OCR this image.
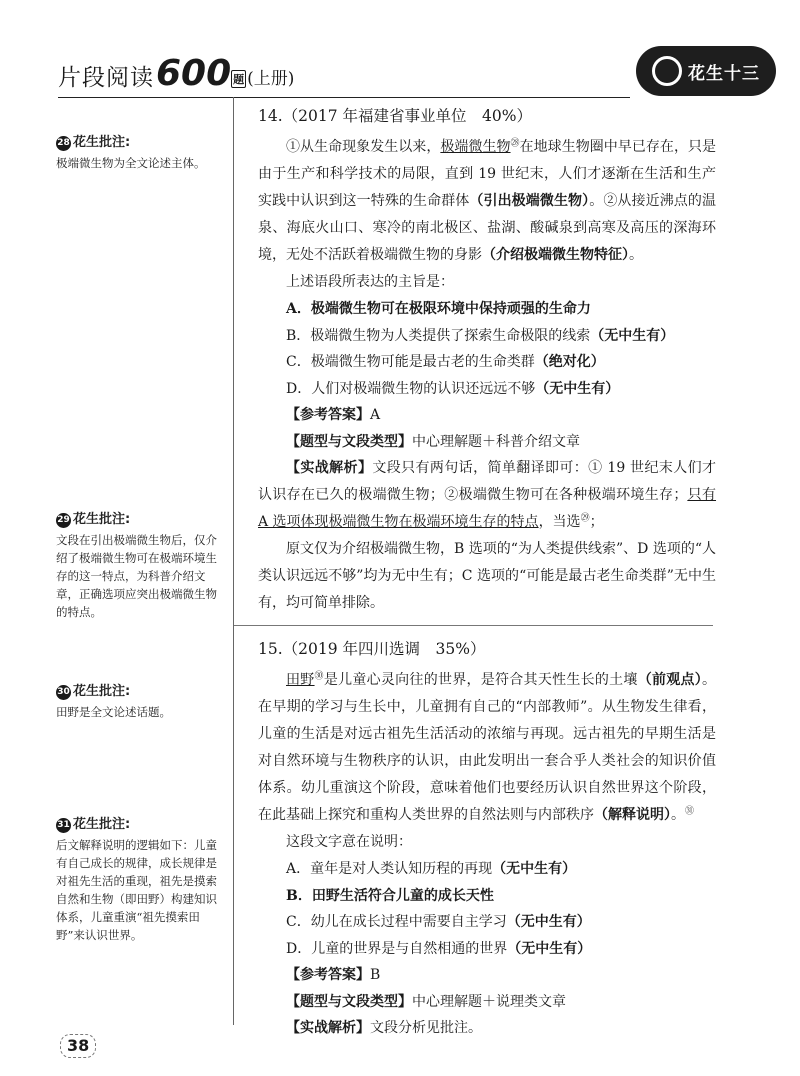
片段阅读 600 题 (上册)	花生十三
28 花生批注:

极端微生物为全文论述主体。

29 花生批注:

文段在引出极端微生物后，仅介绍了极端微生物可在极端环境生存的这一特点，为科普介绍文章，正确选项应突出极端微生物的特点。

30 花生批注:

田野是全文论述话题。

31 花生批注:

后文解释说明的逻辑如下：儿童有自己成长的规律，成长规律是对祖先生活的重现，祖先是摸索自然和生物（即田野）构建知识体系，儿童重演“祖先摸索田野”来认识世界。

14.（2017 年福建省事业单位　40%）

①从生命现象发生以来，极端微生物$^㉘$在地球生物圈中早已存在，只是由于生产和科学技术的局限，直到 19 世纪末，人们才逐渐在生活和生产实践中认识到这一特殊的生命群体（引出极端微生物）。②从接近沸点的温泉、海底火山口、寒冷的南北极区、盐湖、酸碱泉到高寒及高压的深海环境，无处不活跃着极端微生物的身影（介绍极端微生物特征）。

上述语段所表达的主旨是：

A．极端微生物可在极限环境中保持顽强的生命力

B．极端微生物为人类提供了探索生命极限的线索（无中生有）

C．极端微生物可能是最古老的生命类群（绝对化）

D．人们对极端微生物的认识还远远不够（无中生有）

【参考答案】A

【题型与文段类型】中心理解题＋科普介绍文章

【实战解析】文段只有两句话，简单翻译即可：① 19 世纪末人们才认识存在已久的极端微生物；②极端微生物可在各种极端环境生存；只有 A 选项体现极端微生物在极端环境生存的特点，当选$^㉙$；

原文仅为介绍极端微生物，B 选项的“为人类提供线索”、D 选项的“人类认识远远不够”均为无中生有；C 选项的“可能是最古老生命类群”无中生有，均可简单排除。

15.（2019 年四川选调　35%）

田野$^㉚$是儿童心灵向往的世界，是符合其天性生长的土壤（前观点）。在早期的学习与生长中，儿童拥有自己的“内部教师”。从生物发生律看，儿童的生活是对远古祖先生活活动的浓缩与再现。远古祖先的早期生活是对自然环境与生物秩序的认识，由此发明出一套合乎人类社会的知识价值体系。幼儿重演这个阶段，意味着他们也要经历认识自然世界这个阶段，在此基础上探究和重构人类世界的自然法则与内部秩序（解释说明）。$^㉛$

这段文字意在说明：

A．童年是对人类认知历程的再现（无中生有）

B．田野生活符合儿童的成长天性

C．幼儿在成长过程中需要自主学习（无中生有）

D．儿童的世界是与自然相通的世界（无中生有）

【参考答案】B

【题型与文段类型】中心理解题＋说理类文章

【实战解析】文段分析见批注。

38
